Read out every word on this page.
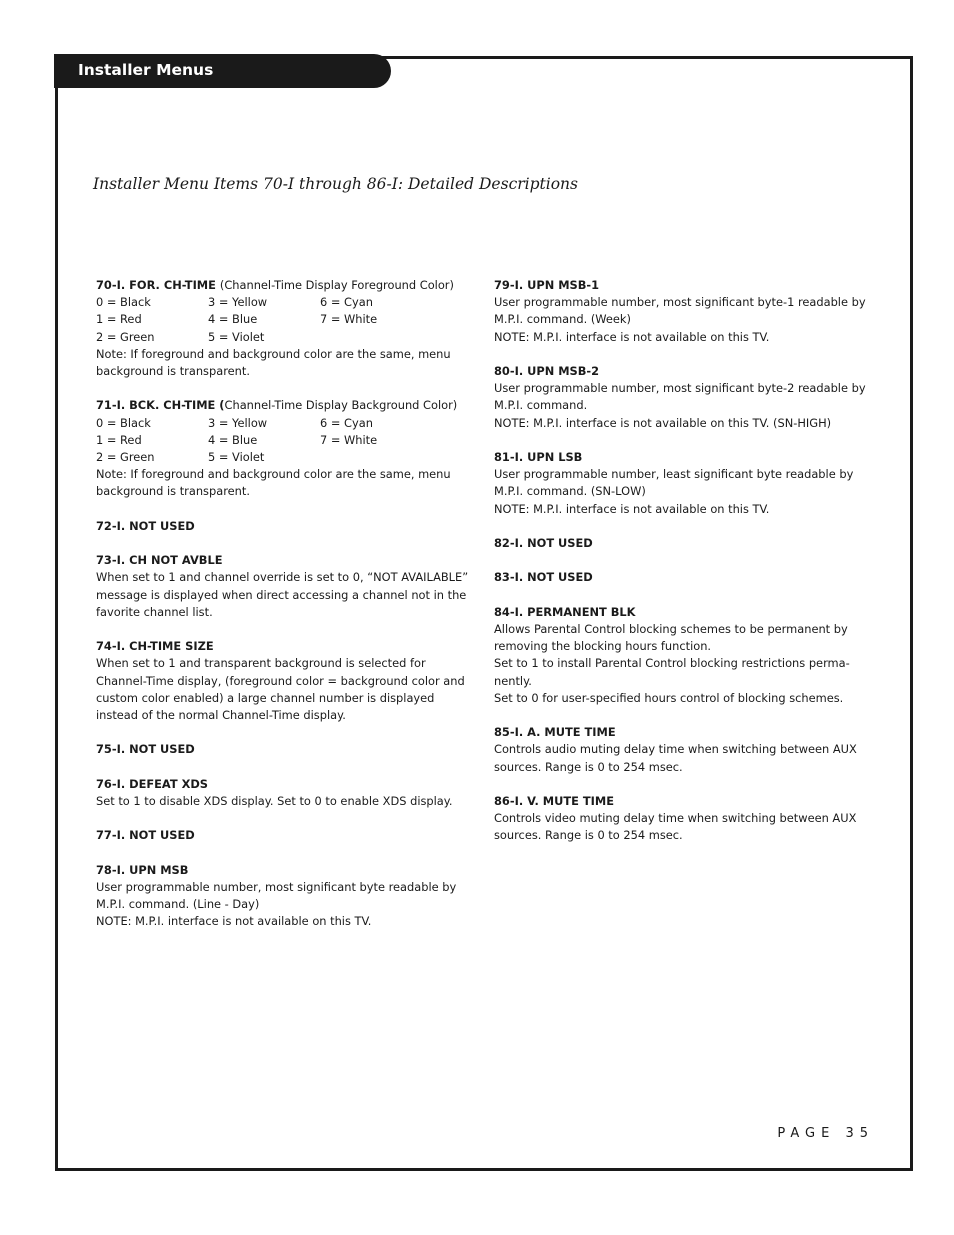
Installer Menus
Installer Menu Items 70-I through 86-I: Detailed Descriptions
70-I. FOR. CH-TIME (Channel-Time Display Foreground Color)
0 = Black	3 = Yellow	6 = Cyan
1 = Red	4 = Blue	7 = White
2 = Green	5 = Violet
Note: If foreground and background color are the same, menu
background is transparent.
71-I. BCK. CH-TIME (Channel-Time Display Background Color)
0 = Black	3 = Yellow	6 = Cyan
1 = Red	4 = Blue	7 = White
2 = Green	5 = Violet
Note: If foreground and background color are the same, menu
background is transparent.
72-I. NOT USED
73-I. CH NOT AVBLE
When set to 1 and channel override is set to 0, “NOT AVAILABLE”
message is displayed when direct accessing a channel not in the
favorite channel list.
74-I. CH-TIME SIZE
When set to 1 and transparent background is selected for
Channel-Time display, (foreground color = background color and
custom color enabled) a large channel number is displayed
instead of the normal Channel-Time display.
75-I. NOT USED
76-I. DEFEAT XDS
Set to 1 to disable XDS display. Set to 0 to enable XDS display.
77-I. NOT USED
78-I. UPN MSB
User programmable number, most significant byte readable by
M.P.I. command. (Line - Day)
NOTE: M.P.I. interface is not available on this TV.
79-I. UPN MSB-1
User programmable number, most significant byte-1 readable by
M.P.I. command. (Week)
NOTE: M.P.I. interface is not available on this TV.
80-I. UPN MSB-2
User programmable number, most significant byte-2 readable by
M.P.I. command.
NOTE: M.P.I. interface is not available on this TV. (SN-HIGH)
81-I. UPN LSB
User programmable number, least significant byte readable by
M.P.I. command. (SN-LOW)
NOTE: M.P.I. interface is not available on this TV.
82-I. NOT USED
83-I. NOT USED
84-I. PERMANENT BLK
Allows Parental Control blocking schemes to be permanent by
removing the blocking hours function.
Set to 1 to install Parental Control blocking restrictions perma-
nently.
Set to 0 for user-specified hours control of blocking schemes.
85-I. A. MUTE TIME
Controls audio muting delay time when switching between AUX
sources. Range is 0 to 254 msec.
86-I. V. MUTE TIME
Controls video muting delay time when switching between AUX
sources. Range is 0 to 254 msec.
PAGE 35
